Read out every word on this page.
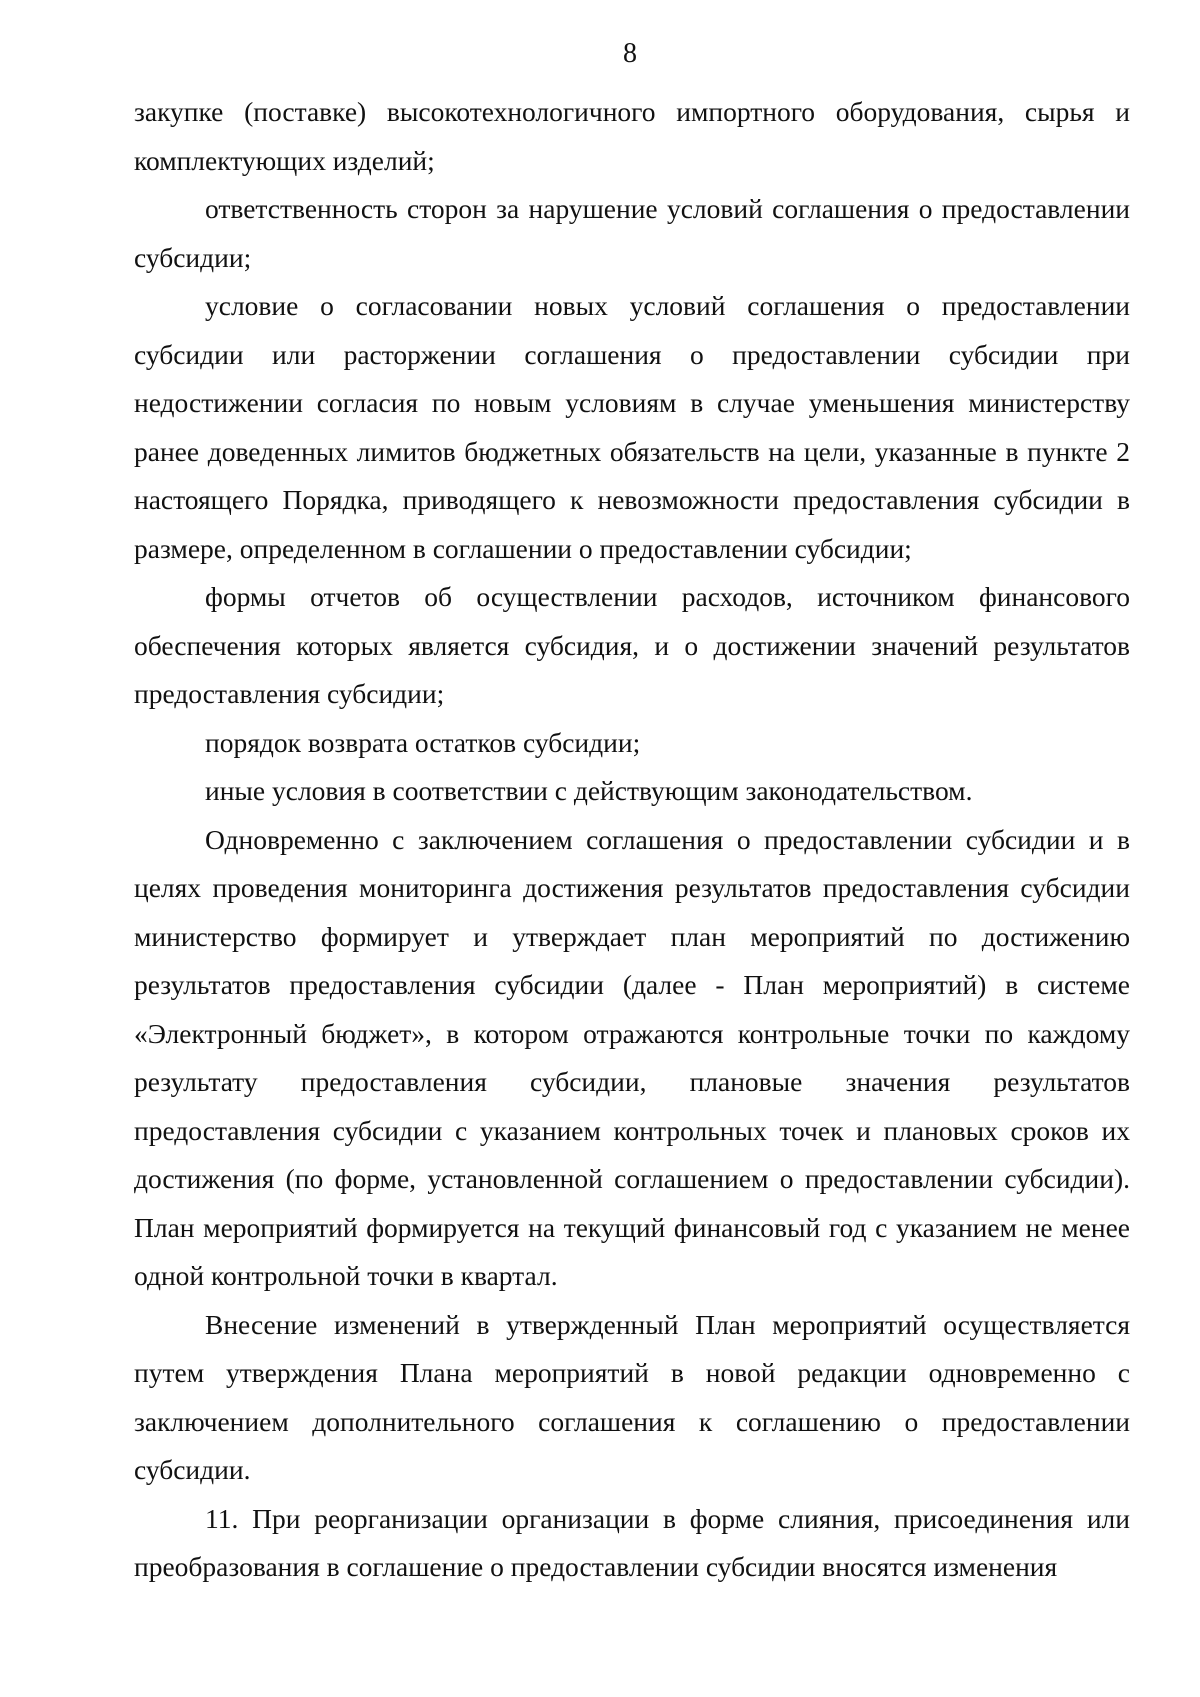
8

закупке (поставке) высокотехнологичного импортного оборудования, сырья и комплектующих изделий;

ответственность сторон за нарушение условий соглашения о предоставлении субсидии;

условие о согласовании новых условий соглашения о предоставлении субсидии или расторжении соглашения о предоставлении субсидии при недостижении согласия по новым условиям в случае уменьшения министерству ранее доведенных лимитов бюджетных обязательств на цели, указанные в пункте 2 настоящего Порядка, приводящего к невозможности предоставления субсидии в размере, определенном в соглашении о предоставлении субсидии;

формы отчетов об осуществлении расходов, источником финансового обеспечения которых является субсидия, и о достижении значений результатов предоставления субсидии;

порядок возврата остатков субсидии;

иные условия в соответствии с действующим законодательством.

Одновременно с заключением соглашения о предоставлении субсидии и в целях проведения мониторинга достижения результатов предоставления субсидии министерство формирует и утверждает план мероприятий по достижению результатов предоставления субсидии (далее - План мероприятий) в системе «Электронный бюджет», в котором отражаются контрольные точки по каждому результату предоставления субсидии, плановые значения результатов предоставления субсидии с указанием контрольных точек и плановых сроков их достижения (по форме, установленной соглашением о предоставлении субсидии). План мероприятий формируется на текущий финансовый год с указанием не менее одной контрольной точки в квартал.

Внесение изменений в утвержденный План мероприятий осуществляется путем утверждения Плана мероприятий в новой редакции одновременно с заключением дополнительного соглашения к соглашению о предоставлении субсидии.

11. При реорганизации организации в форме слияния, присоединения или преобразования в соглашение о предоставлении субсидии вносятся изменения
